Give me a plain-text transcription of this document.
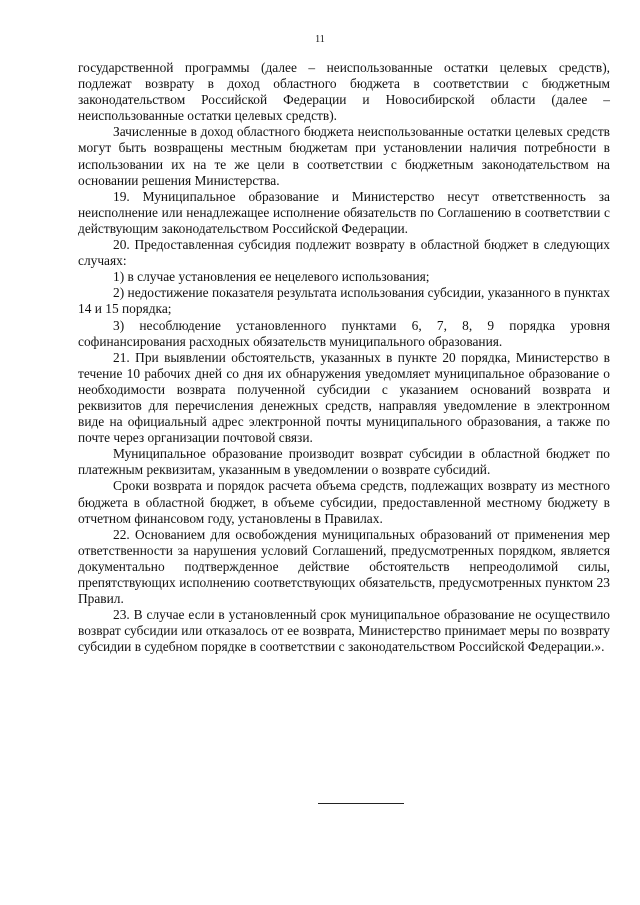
11

государственной программы (далее – неиспользованные остатки целевых средств), подлежат возврату в доход областного бюджета в соответствии с бюджетным законодательством Российской Федерации и Новосибирской области (далее – неиспользованные остатки целевых средств).

Зачисленные в доход областного бюджета неиспользованные остатки целевых средств могут быть возвращены местным бюджетам при установлении наличия потребности в использовании их на те же цели в соответствии с бюджетным законодательством на основании решения Министерства.

19. Муниципальное образование и Министерство несут ответственность за неисполнение или ненадлежащее исполнение обязательств по Соглашению в соответствии с действующим законодательством Российской Федерации.

20. Предоставленная субсидия подлежит возврату в областной бюджет в следующих случаях:

1) в случае установления ее нецелевого использования;

2) недостижение показателя результата использования субсидии, указанного в пунктах 14 и 15 порядка;

3) несоблюдение установленного пунктами 6, 7, 8, 9 порядка уровня софинансирования расходных обязательств муниципального образования.

21. При выявлении обстоятельств, указанных в пункте 20 порядка, Министерство в течение 10 рабочих дней со дня их обнаружения уведомляет муниципальное образование о необходимости возврата полученной субсидии с указанием оснований возврата и реквизитов для перечисления денежных средств, направляя уведомление в электронном виде на официальный адрес электронной почты муниципального образования, а также по почте через организации почтовой связи.

Муниципальное образование производит возврат субсидии в областной бюджет по платежным реквизитам, указанным в уведомлении о возврате субсидий.

Сроки возврата и порядок расчета объема средств, подлежащих возврату из местного бюджета в областной бюджет, в объеме субсидии, предоставленной местному бюджету в отчетном финансовом году, установлены в Правилах.

22. Основанием для освобождения муниципальных образований от применения мер ответственности за нарушения условий Соглашений, предусмотренных порядком, является документально подтвержденное действие обстоятельств непреодолимой силы, препятствующих исполнению соответствующих обязательств, предусмотренных пунктом 23 Правил.

23. В случае если в установленный срок муниципальное образование не осуществило возврат субсидии или отказалось от ее возврата, Министерство принимает меры по возврату субсидии в судебном порядке в соответствии с законодательством Российской Федерации.».
